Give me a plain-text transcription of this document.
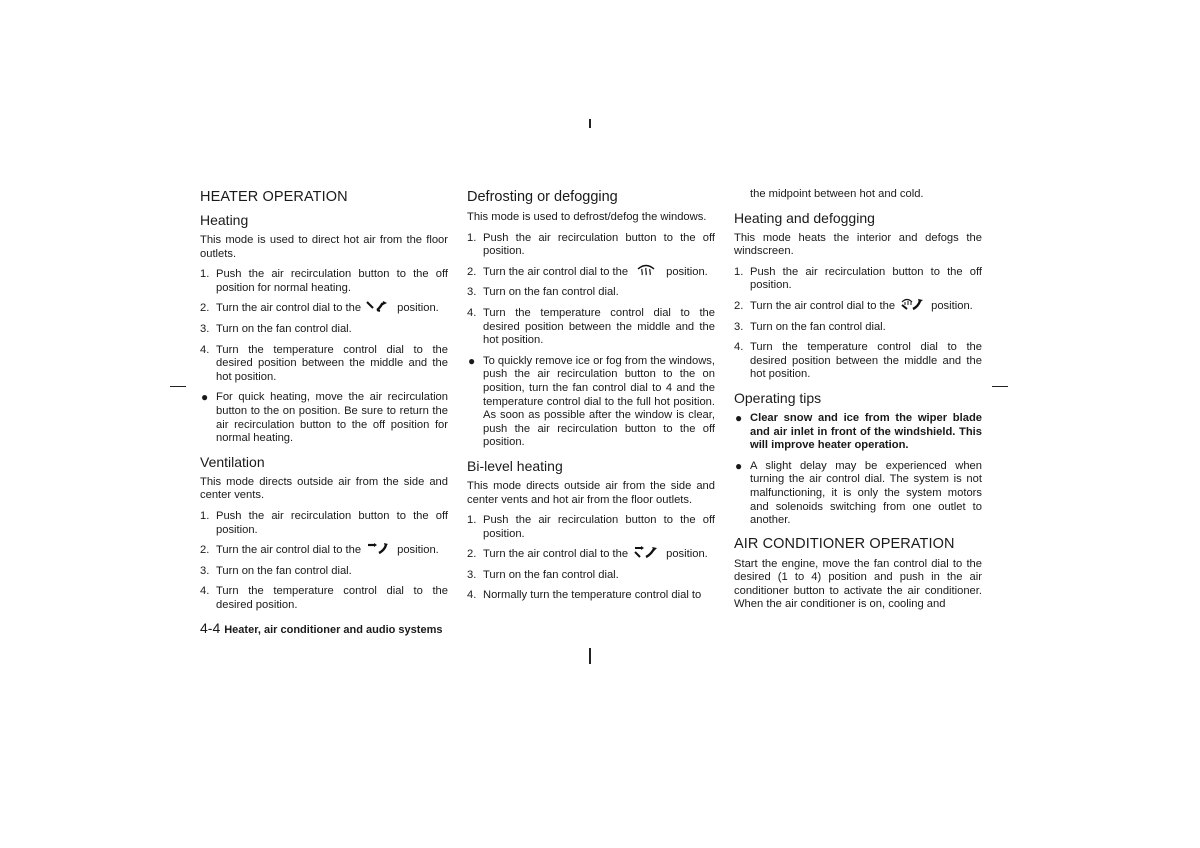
HEATER OPERATION
Heating

This mode is used to direct hot air from the floor outlets.

1. Push the air recirculation button to the off position for normal heating.
2. Turn the air control dial to the	position.
3. Turn on the fan control dial.
4. Turn the temperature control dial to the desired position between the middle and the hot position.
● For quick heating, move the air recirculation button to the on position. Be sure to return the air recirculation button to the off position for normal heating.
Ventilation

This mode directs outside air from the side and center vents.

1. Push the air recirculation button to the off position.
2. Turn the air control dial to the	position.
3. Turn on the fan control dial.
4. Turn the temperature control dial to the desired position.
Defrosting or defogging

This mode is used to defrost/defog the windows.

1. Push the air recirculation button to the off position.
2. Turn the air control dial to the	position.
3. Turn on the fan control dial.
4. Turn the temperature control dial to the desired position between the middle and the hot position.
● To quickly remove ice or fog from the windows, push the air recirculation button to the on position, turn the fan control dial to 4 and the temperature control dial to the full hot position. As soon as possible after the window is clear, push the air recirculation button to the off position.
Bi-level heating

This mode directs outside air from the side and center vents and hot air from the floor outlets.

1. Push the air recirculation button to the off position.
2. Turn the air control dial to the	position.
3. Turn on the fan control dial.
4. Normally turn the temperature control dial to

the midpoint between hot and cold.

Heating and defogging

This mode heats the interior and defogs the windscreen.

1. Push the air recirculation button to the off position.
2. Turn the air control dial to the	position.
3. Turn on the fan control dial.
4. Turn the temperature control dial to the desired position between the middle and the hot position.
Operating tips
● Clear snow and ice from the wiper blade and air inlet in front of the windshield. This will improve heater operation.
● A slight delay may be experienced when turning the air control dial. The system is not malfunctioning, it is only the system motors and solenoids switching from one outlet to another.
AIR CONDITIONER OPERATION

Start the engine, move the fan control dial to the desired (1 to 4) position and push in the air conditioner button to activate the air conditioner. When the air conditioner is on, cooling and

4-4 Heater, air conditioner and audio systems
